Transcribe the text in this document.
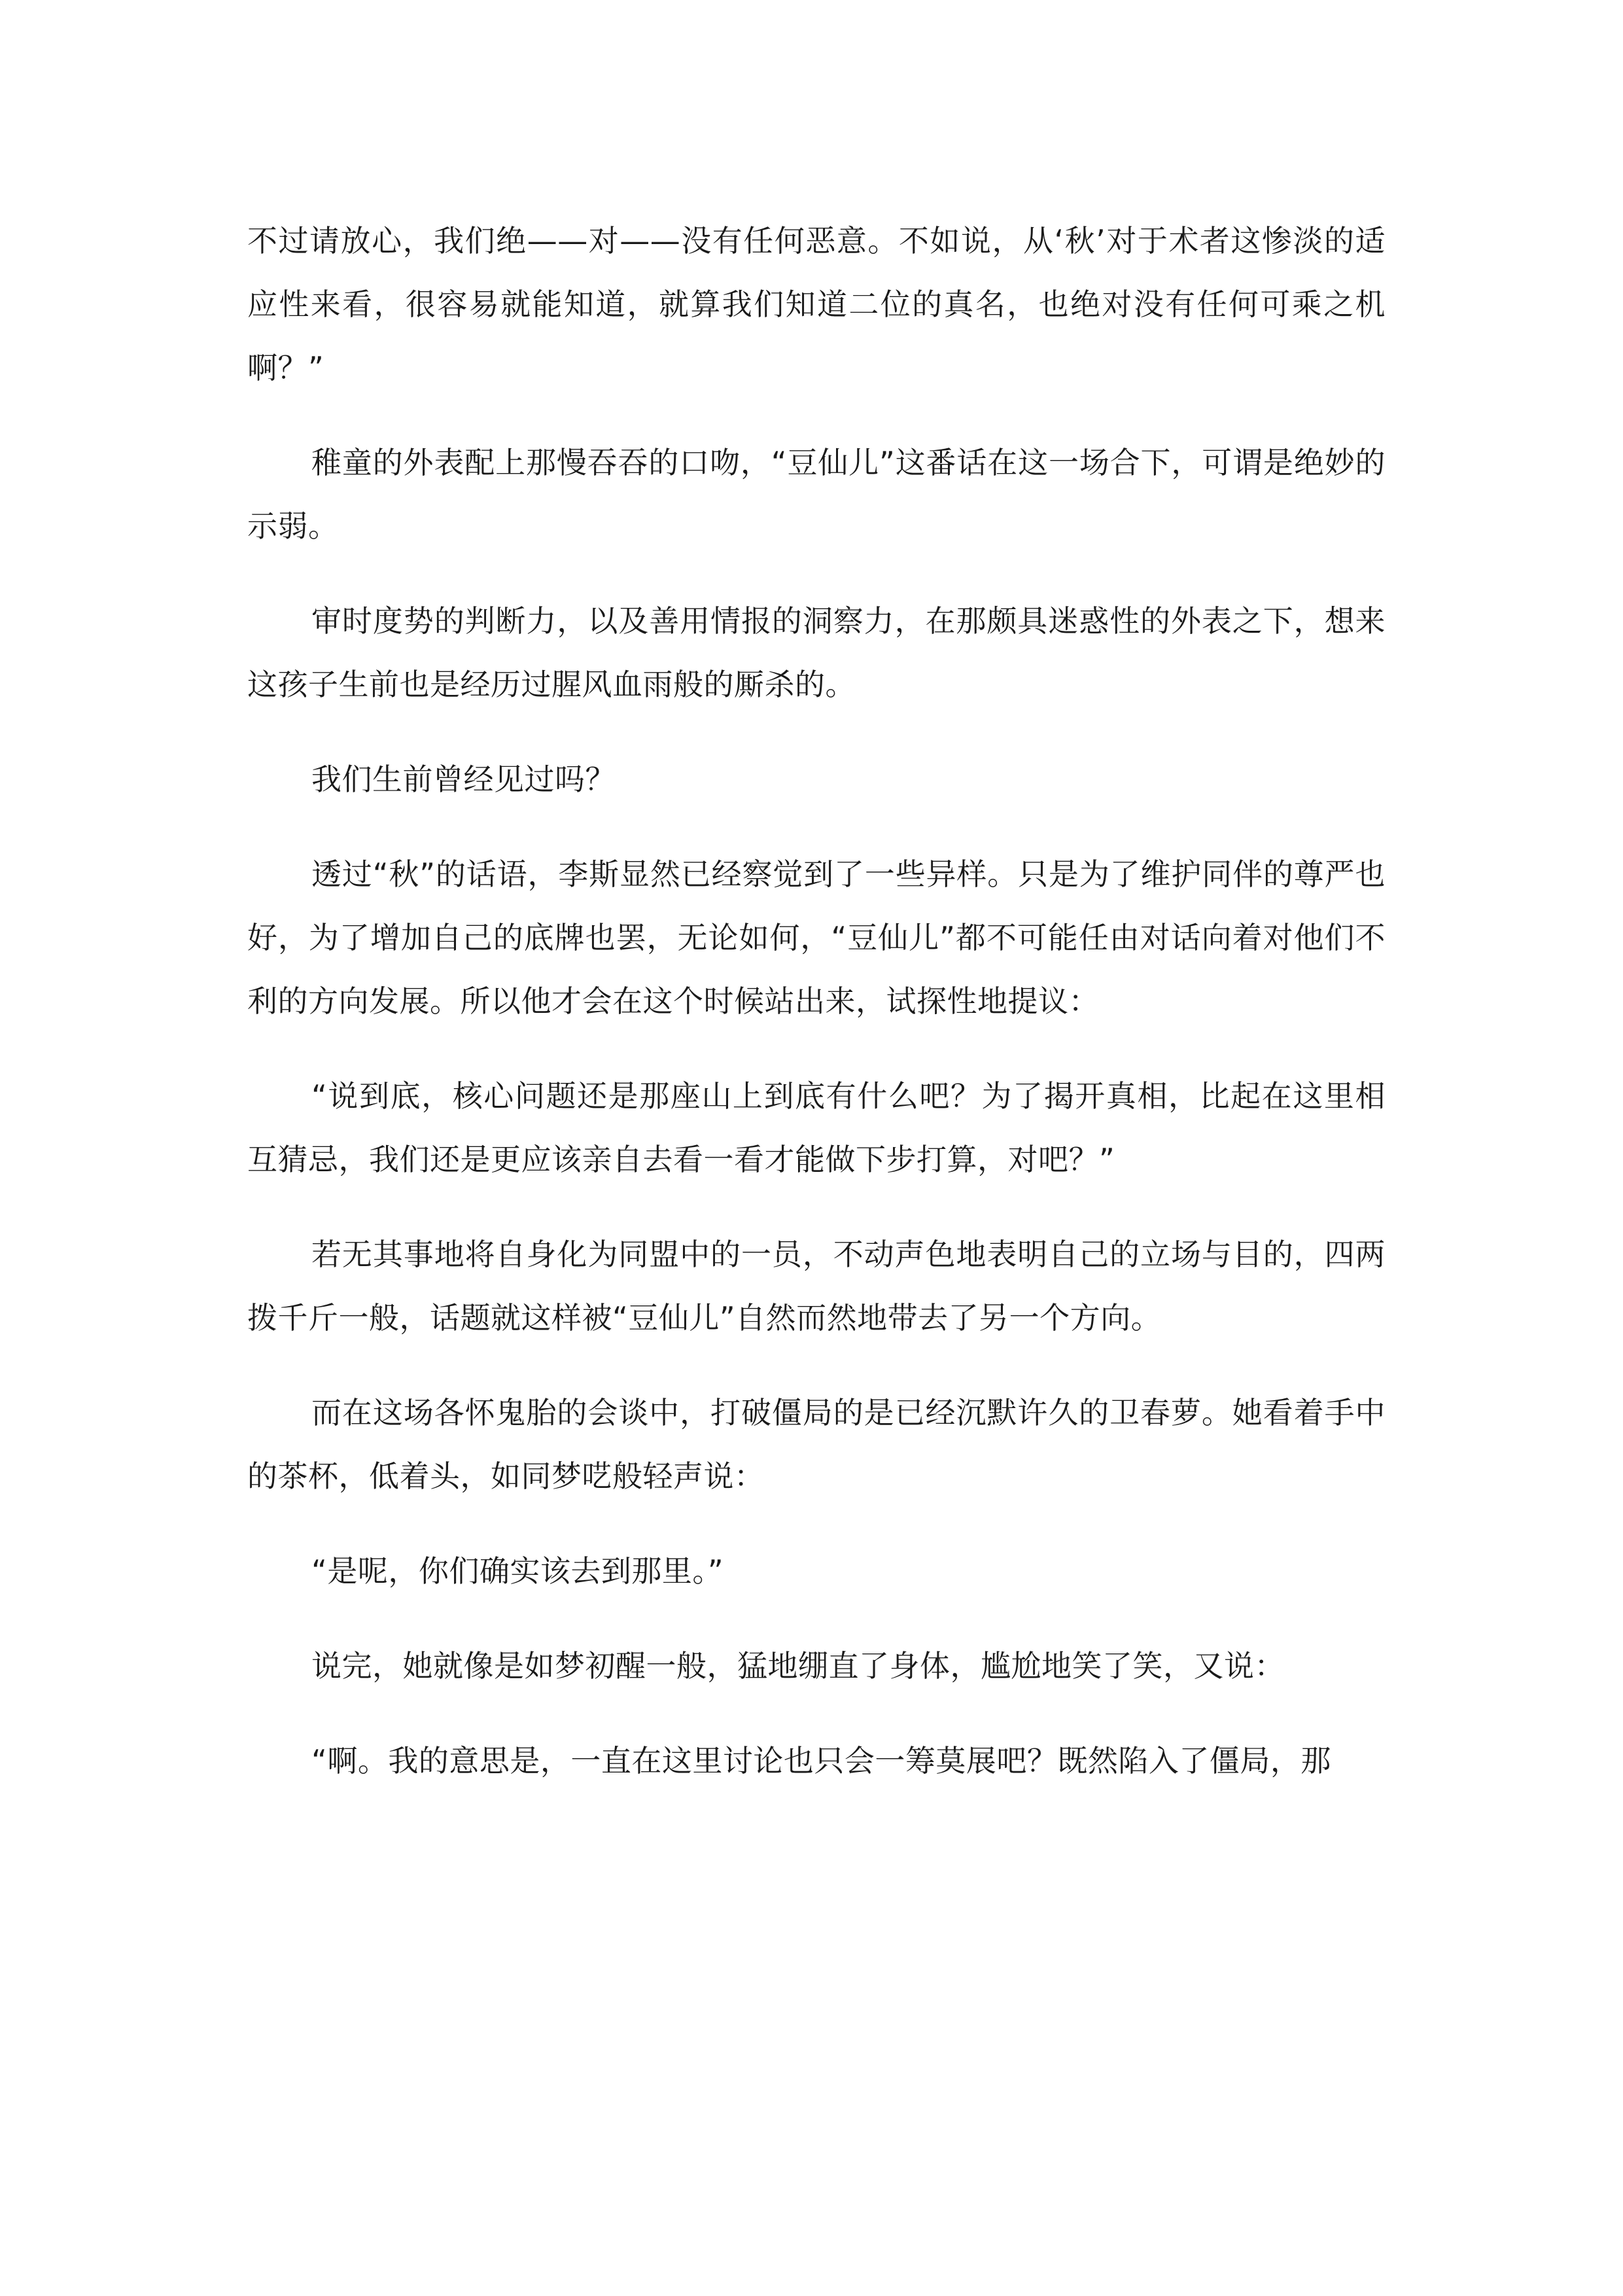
不过请放心，我们绝——对——没有任何恶意。不如说，从‘秋’对于术者这惨淡的适应性来看，很容易就能知道，就算我们知道二位的真名，也绝对没有任何可乘之机啊？”

稚童的外表配上那慢吞吞的口吻，“豆仙儿”这番话在这一场合下，可谓是绝妙的示弱。

审时度势的判断力，以及善用情报的洞察力，在那颇具迷惑性的外表之下，想来这孩子生前也是经历过腥风血雨般的厮杀的。

我们生前曾经见过吗？

透过“秋”的话语，李斯显然已经察觉到了一些异样。只是为了维护同伴的尊严也好，为了增加自己的底牌也罢，无论如何，“豆仙儿”都不可能任由对话向着对他们不利的方向发展。所以他才会在这个时候站出来，试探性地提议：

“说到底，核心问题还是那座山上到底有什么吧？为了揭开真相，比起在这里相互猜忌，我们还是更应该亲自去看一看才能做下步打算，对吧？”

若无其事地将自身化为同盟中的一员，不动声色地表明自己的立场与目的，四两拨千斤一般，话题就这样被“豆仙儿”自然而然地带去了另一个方向。

而在这场各怀鬼胎的会谈中，打破僵局的是已经沉默许久的卫春萝。她看着手中的茶杯，低着头，如同梦呓般轻声说：

“是呢，你们确实该去到那里。”

说完，她就像是如梦初醒一般，猛地绷直了身体，尴尬地笑了笑，又说：

“啊。我的意思是，一直在这里讨论也只会一筹莫展吧？既然陷入了僵局，那
